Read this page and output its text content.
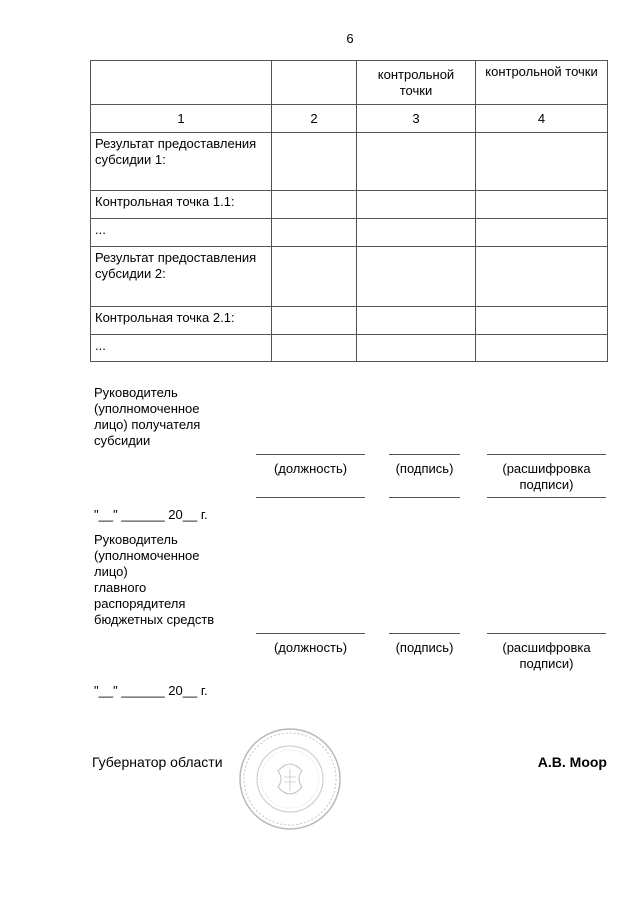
6
		контрольной точки	контрольной точки
1	2	3	4
Результат предоставления субсидии 1:			
Контрольная точка 1.1:			
...			
Результат предоставления субсидии 2:			
Контрольная точка 2.1:			
...			
Руководитель
(уполномоченное
лицо) получателя
субсидии
(должность)	(подпись)	(расшифровка
подписи)
"__" ______ 20__ г.
Руководитель
(уполномоченное
лицо)
главного
распорядителя
бюджетных средств
(должность)	(подпись)	(расшифровка
подписи)
"__" ______ 20__ г.
Губернатор области	А.В. Моор
